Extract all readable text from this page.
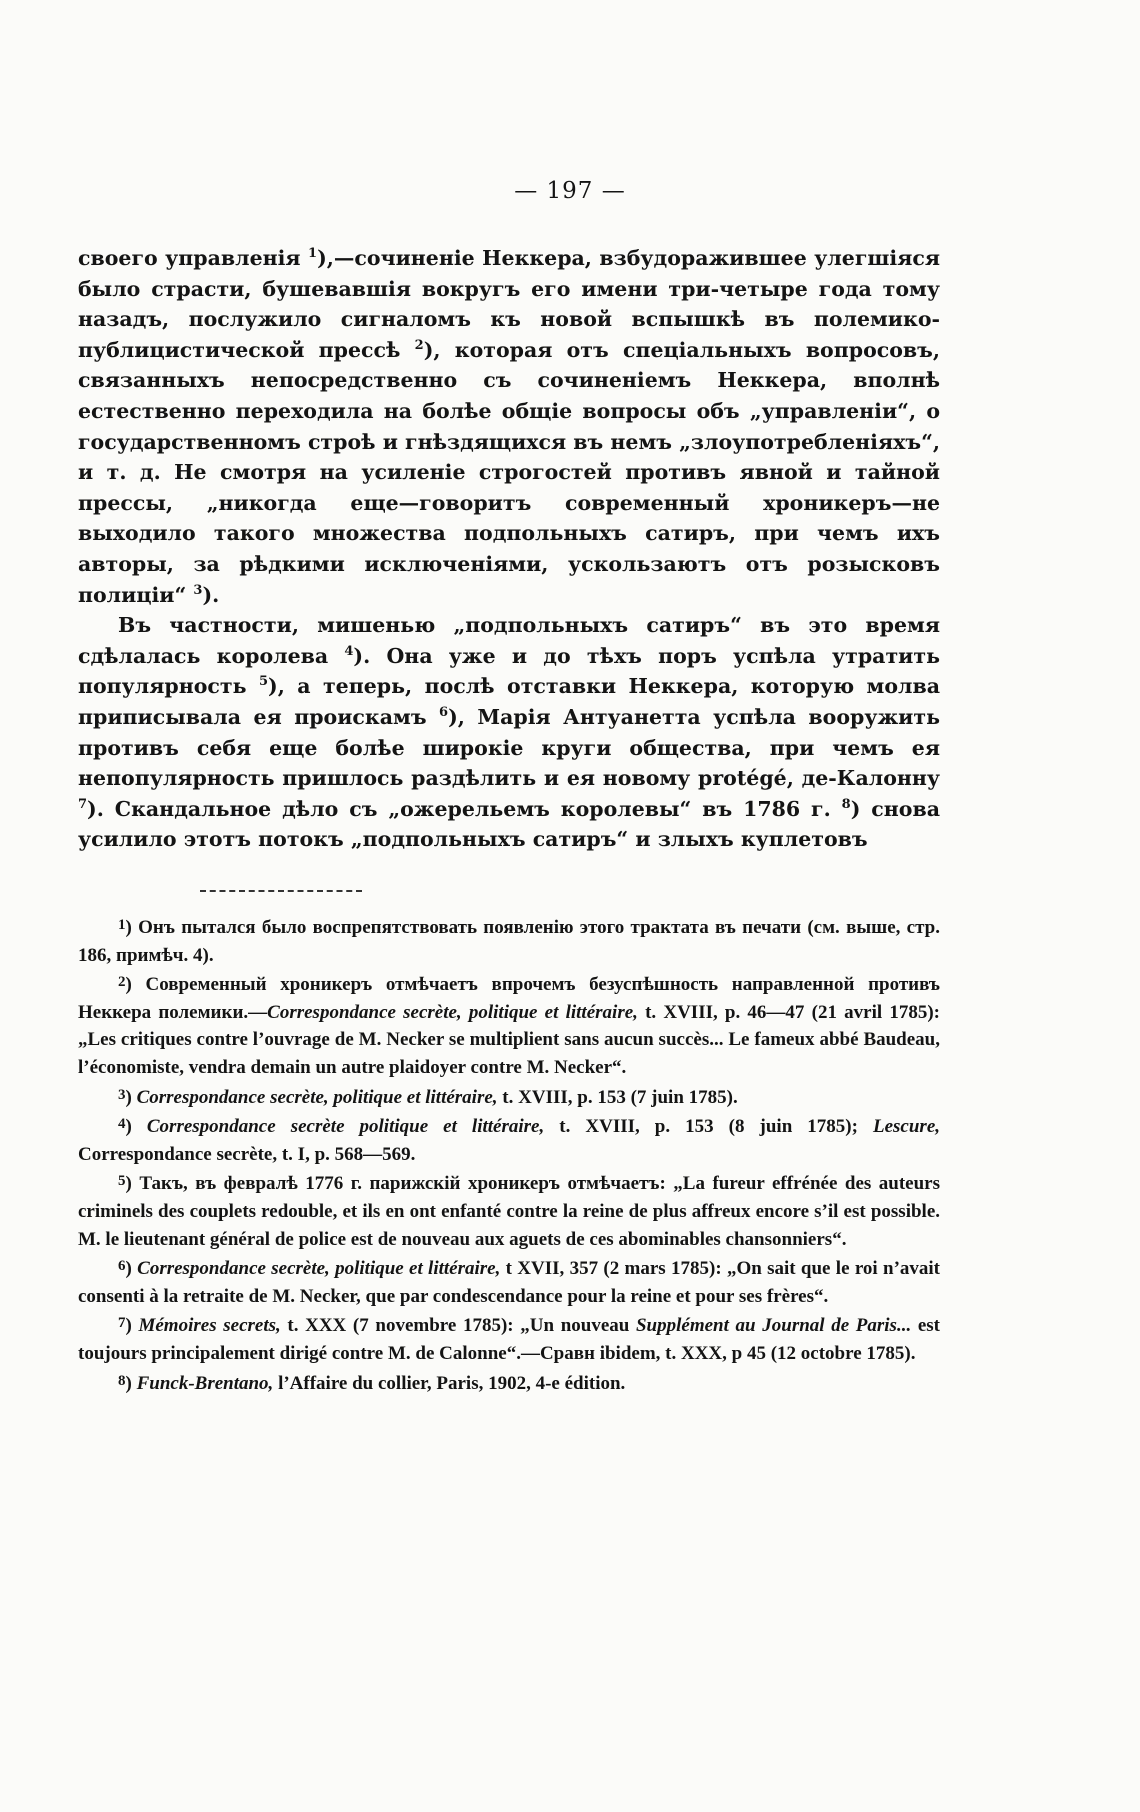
— 197 —

своего управленія $^1$),—сочиненіе Неккера, взбудоражившее улегшіяся было страсти, бушевавшія вокругъ его имени три-четыре года тому назадъ, послужило сигналомъ къ новой вспышкѣ въ полемико-публицистической прессѣ $^2$), которая отъ спеціальныхъ вопросовъ, связанныхъ непосредственно съ сочиненіемъ Неккера, вполнѣ естественно переходила на болѣе общіе вопросы объ „управленіи“, о государственномъ строѣ и гнѣздящихся въ немъ „злоупотребленіяхъ“, и т. д. Не смотря на усиленіе строгостей противъ явной и тайной прессы, „никогда еще—говоритъ современный хроникеръ—не выходило такого множества подпольныхъ сатиръ, при чемъ ихъ авторы, за рѣдкими исключеніями, ускользаютъ отъ розысковъ полиціи“ $^3$).

Въ частности, мишенью „подпольныхъ сатиръ“ въ это время сдѣлалась королева $^4$). Она уже и до тѣхъ поръ успѣла утратить популярность $^5$), а теперь, послѣ отставки Неккера, которую молва приписывала ея проискамъ $^6$), Марія Антуанетта успѣла вооружить противъ себя еще болѣе широкіе круги общества, при чемъ ея непопулярность пришлось раздѣлить и ея новому protégé, де-Калонну $^7$). Скандальное дѣло съ „ожерельемъ королевы“ въ 1786 г. $^8$) снова усилило этотъ потокъ „подпольныхъ сатиръ“ и злыхъ куплетовъ

$^1$) Онъ пытался было воспрепятствовать появленію этого трактата въ печати (см. выше, стр. 186, примѣч. 4).

$^2$) Современный хроникеръ отмѣчаетъ впрочемъ безуспѣшность направленной противъ Неккера полемики.—Correspondance secrète, politique et littéraire, t. XVIII, p. 46—47 (21 avril 1785): „Les critiques contre l’ouvrage de M. Necker se multiplient sans aucun succès... Le fameux abbé Baudeau, l’économiste, vendra demain un autre plaidoyer contre M. Necker“.

$^3$) Correspondance secrète, politique et littéraire, t. XVIII, p. 153 (7 juin 1785).

$^4$) Correspondance secrète politique et littéraire, t. XVIII, p. 153 (8 juin 1785); Lescure, Correspondance secrète, t. I, p. 568—569.

$^5$) Такъ, въ февралѣ 1776 г. парижскій хроникеръ отмѣчаетъ: „La fureur effrénée des auteurs criminels des couplets redouble, et ils en ont enfanté contre la reine de plus affreux encore s’il est possible. M. le lieutenant général de police est de nouveau aux aguets de ces abominables chansonniers“.

$^6$) Correspondance secrète, politique et littéraire, t XVII, 357 (2 mars 1785): „On sait que le roi n’avait consenti à la retraite de M. Necker, que par condescendance pour la reine et pour ses frères“.

$^7$) Mémoires secrets, t. XXX (7 novembre 1785): „Un nouveau Supplément au Journal de Paris... est toujours principalement dirigé contre M. de Calonne“.—Сравн ibidem, t. XXX, p 45 (12 octobre 1785).

$^8$) Funck-Brentano, l’Affaire du collier, Paris, 1902, 4-e édition.
